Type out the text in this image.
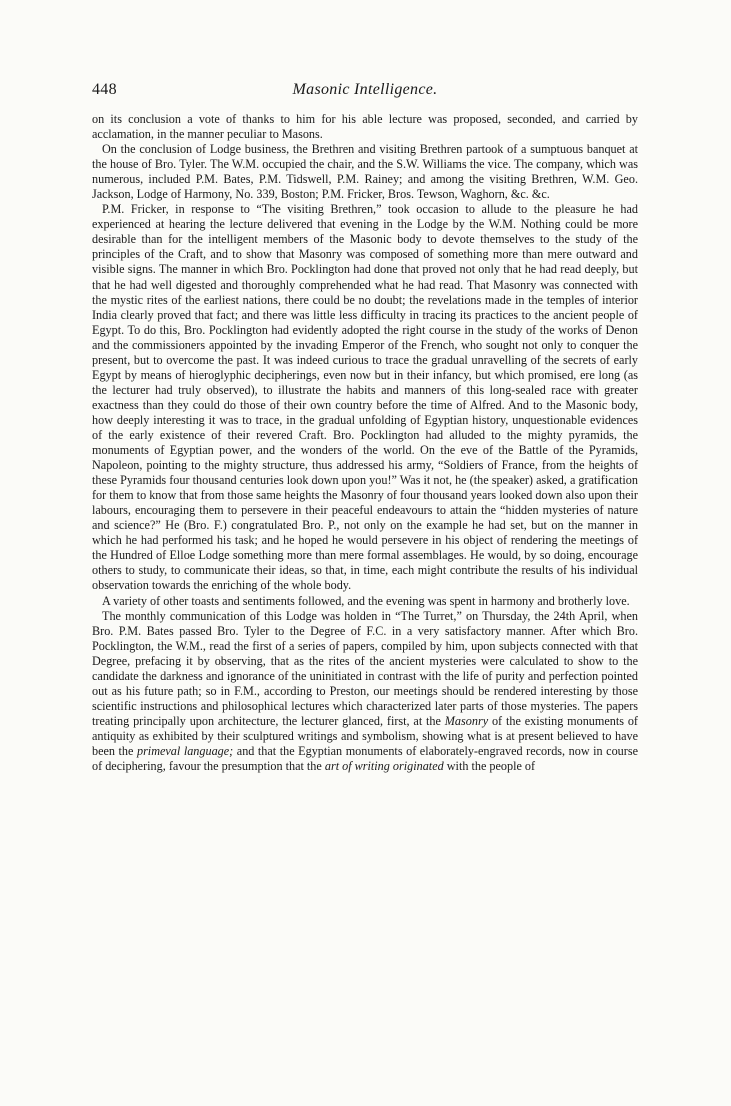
448	Masonic Intelligence.

on its conclusion a vote of thanks to him for his able lecture was proposed, seconded, and carried by acclamation, in the manner peculiar to Masons.

On the conclusion of Lodge business, the Brethren and visiting Brethren partook of a sumptuous banquet at the house of Bro. Tyler. The W.M. occupied the chair, and the S.W. Williams the vice. The company, which was numerous, included P.M. Bates, P.M. Tidswell, P.M. Rainey; and among the visiting Brethren, W.M. Geo. Jackson, Lodge of Harmony, No. 339, Boston; P.M. Fricker, Bros. Tewson, Waghorn, &c. &c.

P.M. Fricker, in response to “The visiting Brethren,” took occasion to allude to the pleasure he had experienced at hearing the lecture delivered that evening in the Lodge by the W.M. Nothing could be more desirable than for the intelligent members of the Masonic body to devote themselves to the study of the principles of the Craft, and to show that Masonry was composed of something more than mere outward and visible signs. The manner in which Bro. Pocklington had done that proved not only that he had read deeply, but that he had well digested and thoroughly comprehended what he had read. That Masonry was connected with the mystic rites of the earliest nations, there could be no doubt; the revelations made in the temples of interior India clearly proved that fact; and there was little less difficulty in tracing its practices to the ancient people of Egypt. To do this, Bro. Pocklington had evidently adopted the right course in the study of the works of Denon and the commissioners appointed by the invading Emperor of the French, who sought not only to conquer the present, but to overcome the past. It was indeed curious to trace the gradual unravelling of the secrets of early Egypt by means of hieroglyphic decipherings, even now but in their infancy, but which promised, ere long (as the lecturer had truly observed), to illustrate the habits and manners of this long-sealed race with greater exactness than they could do those of their own country before the time of Alfred. And to the Masonic body, how deeply interesting it was to trace, in the gradual unfolding of Egyptian history, unquestionable evidences of the early existence of their revered Craft. Bro. Pocklington had alluded to the mighty pyramids, the monuments of Egyptian power, and the wonders of the world. On the eve of the Battle of the Pyramids, Napoleon, pointing to the mighty structure, thus addressed his army, “Soldiers of France, from the heights of these Pyramids four thousand centuries look down upon you!” Was it not, he (the speaker) asked, a gratification for them to know that from those same heights the Masonry of four thousand years looked down also upon their labours, encouraging them to persevere in their peaceful endeavours to attain the “hidden mysteries of nature and science?” He (Bro. F.) congratulated Bro. P., not only on the example he had set, but on the manner in which he had performed his task; and he hoped he would persevere in his object of rendering the meetings of the Hundred of Elloe Lodge something more than mere formal assemblages. He would, by so doing, encourage others to study, to communicate their ideas, so that, in time, each might contribute the results of his individual observation towards the enriching of the whole body.

A variety of other toasts and sentiments followed, and the evening was spent in harmony and brotherly love.

The monthly communication of this Lodge was holden in “The Turret,” on Thursday, the 24th April, when Bro. P.M. Bates passed Bro. Tyler to the Degree of F.C. in a very satisfactory manner. After which Bro. Pocklington, the W.M., read the first of a series of papers, compiled by him, upon subjects connected with that Degree, prefacing it by observing, that as the rites of the ancient mysteries were calculated to show to the candidate the darkness and ignorance of the uninitiated in contrast with the life of purity and perfection pointed out as his future path; so in F.M., according to Preston, our meetings should be rendered interesting by those scientific instructions and philosophical lectures which characterized later parts of those mysteries. The papers treating principally upon architecture, the lecturer glanced, first, at the Masonry of the existing monuments of antiquity as exhibited by their sculptured writings and symbolism, showing what is at present believed to have been the primeval language; and that the Egyptian monuments of elaborately-engraved records, now in course of deciphering, favour the presumption that the art of writing originated with the people of
